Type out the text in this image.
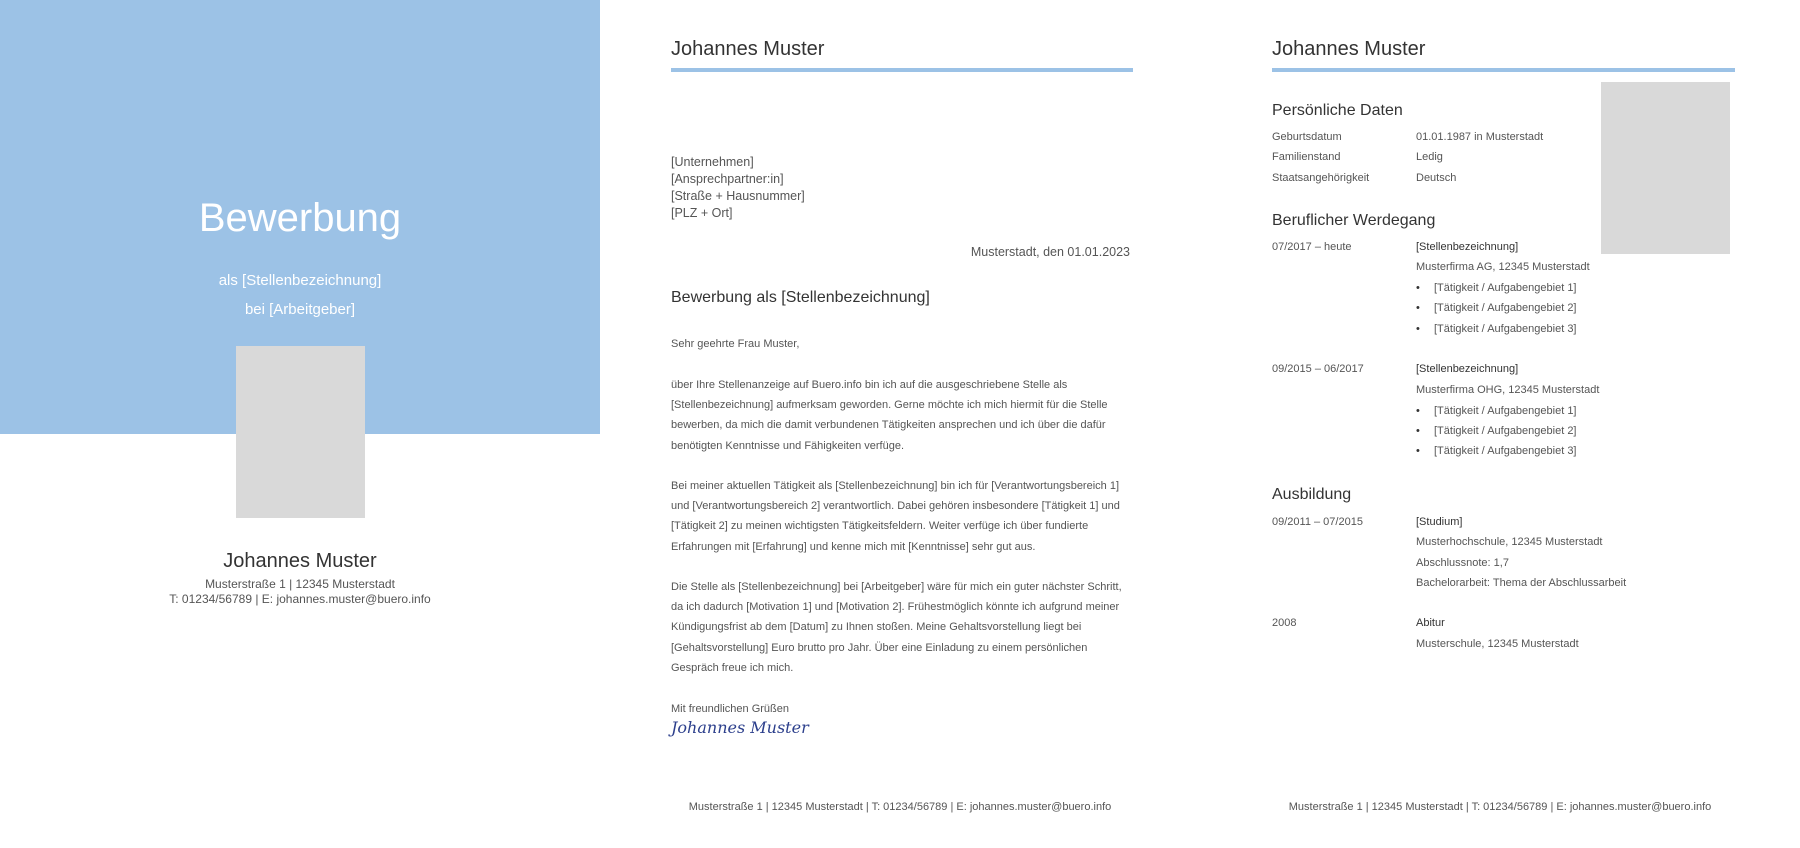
Bewerbung
als [Stellenbezeichnung]
bei [Arbeitgeber]
Johannes Muster
Musterstraße 1 | 12345 Musterstadt
T: 01234/56789 | E: johannes.muster@buero.info
Johannes Muster
[Unternehmen]
[Ansprechpartner:in]
[Straße + Hausnummer]
[PLZ + Ort]
Musterstadt, den 01.01.2023
Bewerbung als [Stellenbezeichnung]
Sehr geehrte Frau Muster,
über Ihre Stellenanzeige auf Buero.info bin ich auf die ausgeschriebene Stelle als [Stellenbezeichnung] aufmerksam geworden. Gerne möchte ich mich hiermit für die Stelle bewerben, da mich die damit verbundenen Tätigkeiten ansprechen und ich über die dafür benötigten Kenntnisse und Fähigkeiten verfüge.
Bei meiner aktuellen Tätigkeit als [Stellenbezeichnung] bin ich für [Verantwortungsbereich 1] und [Verantwortungsbereich 2] verantwortlich. Dabei gehören insbesondere [Tätigkeit 1] und [Tätigkeit 2] zu meinen wichtigsten Tätigkeitsfeldern. Weiter verfüge ich über fundierte Erfahrungen mit [Erfahrung] und kenne mich mit [Kenntnisse] sehr gut aus.
Die Stelle als [Stellenbezeichnung] bei [Arbeitgeber] wäre für mich ein guter nächster Schritt, da ich dadurch [Motivation 1] und [Motivation 2]. Frühestmöglich könnte ich aufgrund meiner Kündigungsfrist ab dem [Datum] zu Ihnen stoßen. Meine Gehaltsvorstellung liegt bei [Gehaltsvorstellung] Euro brutto pro Jahr. Über eine Einladung zu einem persönlichen Gespräch freue ich mich.
Mit freundlichen Grüßen
Johannes Muster
Musterstraße 1 | 12345 Musterstadt | T: 01234/56789 | E: johannes.muster@buero.info
Johannes Muster
Persönliche Daten
Geburtsdatum	01.01.1987 in Musterstadt
Familienstand	Ledig
Staatsangehörigkeit	Deutsch
Beruflicher Werdegang
07/2017 – heute	[Stellenbezeichnung]
Musterfirma AG, 12345 Musterstadt
• [Tätigkeit / Aufgabengebiet 1]
• [Tätigkeit / Aufgabengebiet 2]
• [Tätigkeit / Aufgabengebiet 3]
09/2015 – 06/2017	[Stellenbezeichnung]
Musterfirma OHG, 12345 Musterstadt
• [Tätigkeit / Aufgabengebiet 1]
• [Tätigkeit / Aufgabengebiet 2]
• [Tätigkeit / Aufgabengebiet 3]
Ausbildung
09/2011 – 07/2015	[Studium]
Musterhochschule, 12345 Musterstadt
Abschlussnote: 1,7
Bachelorarbeit: Thema der Abschlussarbeit
2008	Abitur
Musterschule, 12345 Musterstadt
Musterstraße 1 | 12345 Musterstadt | T: 01234/56789 | E: johannes.muster@buero.info
